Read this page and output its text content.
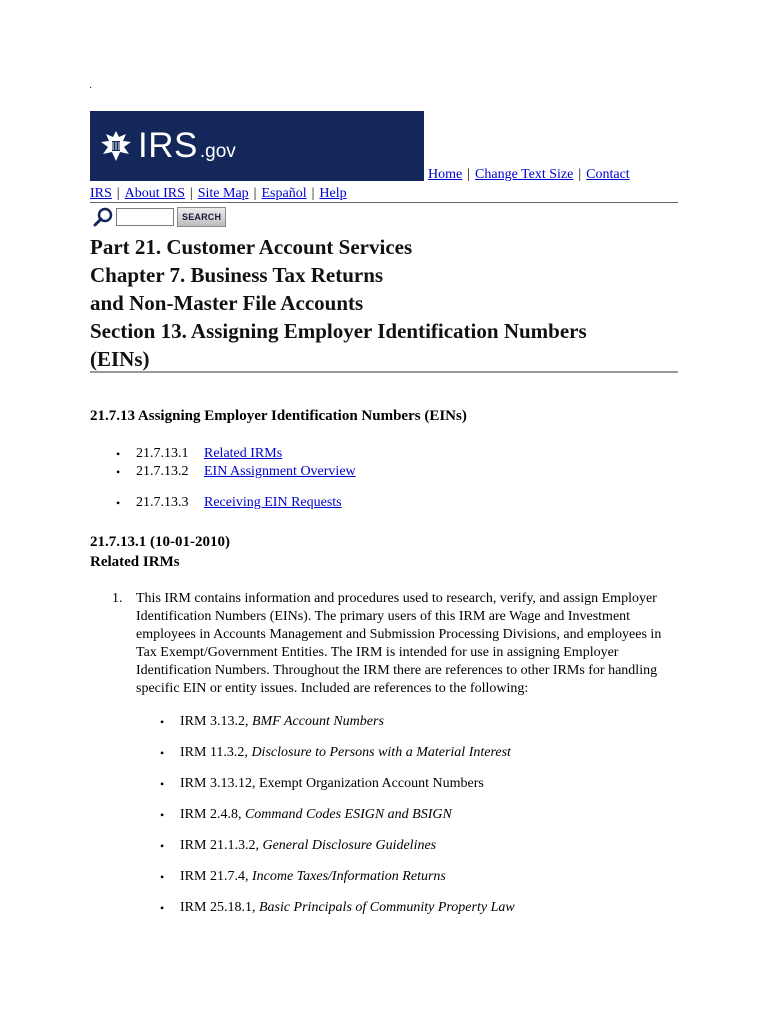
·
IRS .gov
Home | Change Text Size | Contact
IRS | About IRS | Site Map | Español | Help
SEARCH
Part 21. Customer Account Services
Chapter 7. Business Tax Returns
and Non-Master File Accounts
Section 13. Assigning Employer Identification Numbers
(EINs)
21.7.13 Assigning Employer Identification Numbers (EINs)
• 21.7.13.1	Related IRMs
• 21.7.13.2	EIN Assignment Overview
• 21.7.13.3	Receiving EIN Requests
21.7.13.1 (10-01-2010)
Related IRMs
1. This IRM contains information and procedures used to research, verify, and assign Employer Identification Numbers (EINs). The primary users of this IRM are Wage and Investment employees in Accounts Management and Submission Processing Divisions, and employees in Tax Exempt/Government Entities. The IRM is intended for use in assigning Employer Identification Numbers. Throughout the IRM there are references to other IRMs for handling specific EIN or entity issues. Included are references to the following:

• IRM 3.13.2, BMF Account Numbers
• IRM 11.3.2, Disclosure to Persons with a Material Interest
• IRM 3.13.12, Exempt Organization Account Numbers
• IRM 2.4.8, Command Codes ESIGN and BSIGN
• IRM 21.1.3.2, General Disclosure Guidelines
• IRM 21.7.4, Income Taxes/Information Returns
• IRM 25.18.1, Basic Principals of Community Property Law
